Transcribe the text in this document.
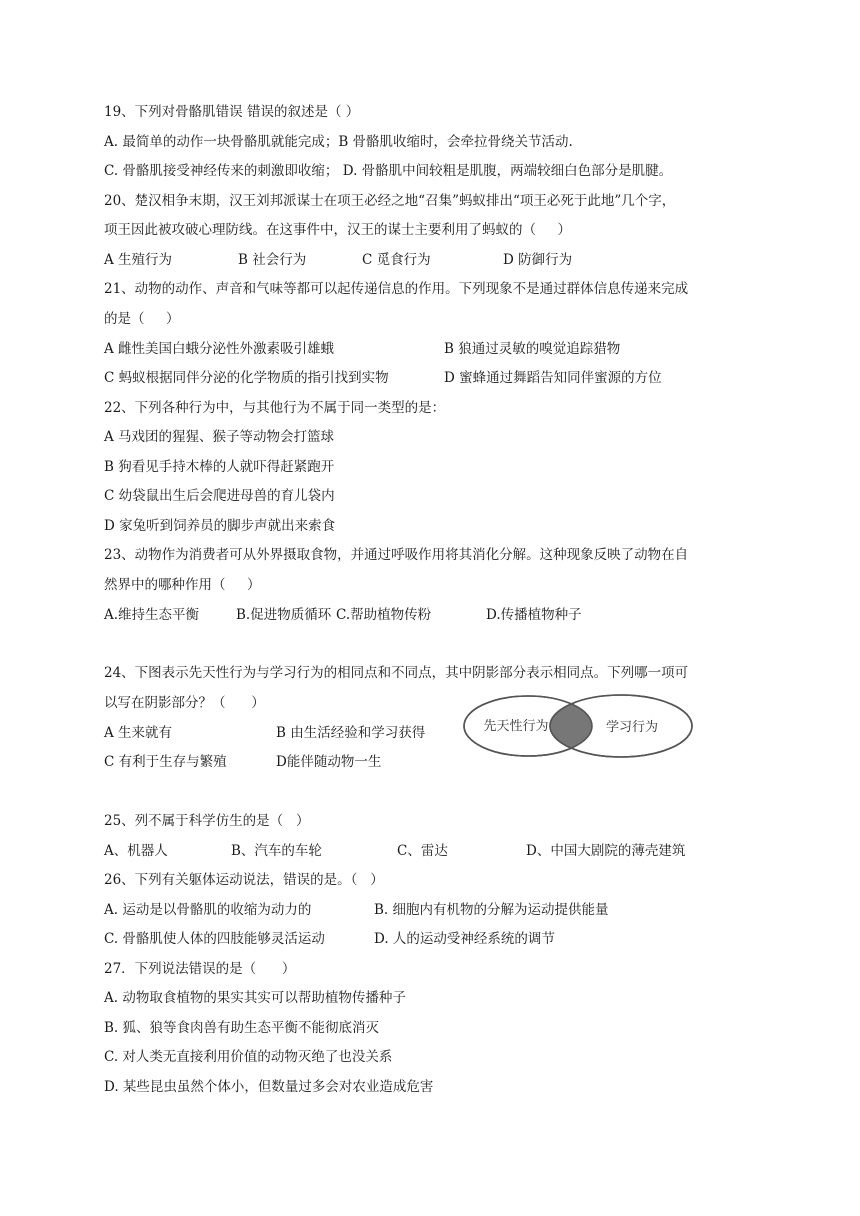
19、下列对骨骼肌错误 错误的叙述是（ ）
A. 最简单的动作一块骨骼肌就能完成；B 骨骼肌收缩时，会牵拉骨绕关节活动.
C. 骨骼肌接受神经传来的刺激即收缩； D. 骨骼肌中间较粗是肌腹，两端较细白色部分是肌腱。
20、楚汉相争末期，汉王刘邦派谋士在项王必经之地“召集”蚂蚁排出“项王必死于此地”几个字，
项王因此被攻破心理防线。在这事件中，汉王的谋士主要利用了蚂蚁的（     ）
A 生殖行为	B 社会行为	C 觅食行为	D 防御行为
21、动物的动作、声音和气味等都可以起传递信息的作用。下列现象不是通过群体信息传递来完成
的是（     ）
A 雌性美国白蛾分泌性外激素吸引雄蛾	B 狼通过灵敏的嗅觉追踪猎物
C 蚂蚁根据同伴分泌的化学物质的指引找到实物	D 蜜蜂通过舞蹈告知同伴蜜源的方位
22、下列各种行为中，与其他行为不属于同一类型的是：
A 马戏团的猩猩、猴子等动物会打篮球
B 狗看见手持木棒的人就吓得赶紧跑开
C 幼袋鼠出生后会爬进母兽的育儿袋内
D 家兔听到饲养员的脚步声就出来索食
23、动物作为消费者可从外界摄取食物，并通过呼吸作用将其消化分解。这种现象反映了动物在自
然界中的哪种作用（     ）
A.维持生态平衡	B.促进物质循环 C.帮助植物传粉	D.传播植物种子
24、下图表示先天性行为与学习行为的相同点和不同点，其中阴影部分表示相同点。下列哪一项可
以写在阴影部分？（      ）
A 生来就有	B 由生活经验和学习获得
C 有利于生存与繁殖	D能伴随动物一生
先天性行为	学习行为
25、列不属于科学仿生的是（   ）
A、机器人	B、汽车的车轮	C、雷达	D、中国大剧院的薄壳建筑
26、下列有关躯体运动说法，错误的是。（   ）
A. 运动是以骨骼肌的收缩为动力的	B. 细胞内有机物的分解为运动提供能量
C. 骨骼肌使人体的四肢能够灵活运动	D. 人的运动受神经系统的调节
27．下列说法错误的是（      ）
A. 动物取食植物的果实其实可以帮助植物传播种子
B. 狐、狼等食肉兽有助生态平衡不能彻底消灭
C. 对人类无直接利用价值的动物灭绝了也没关系
D. 某些昆虫虽然个体小，但数量过多会对农业造成危害
